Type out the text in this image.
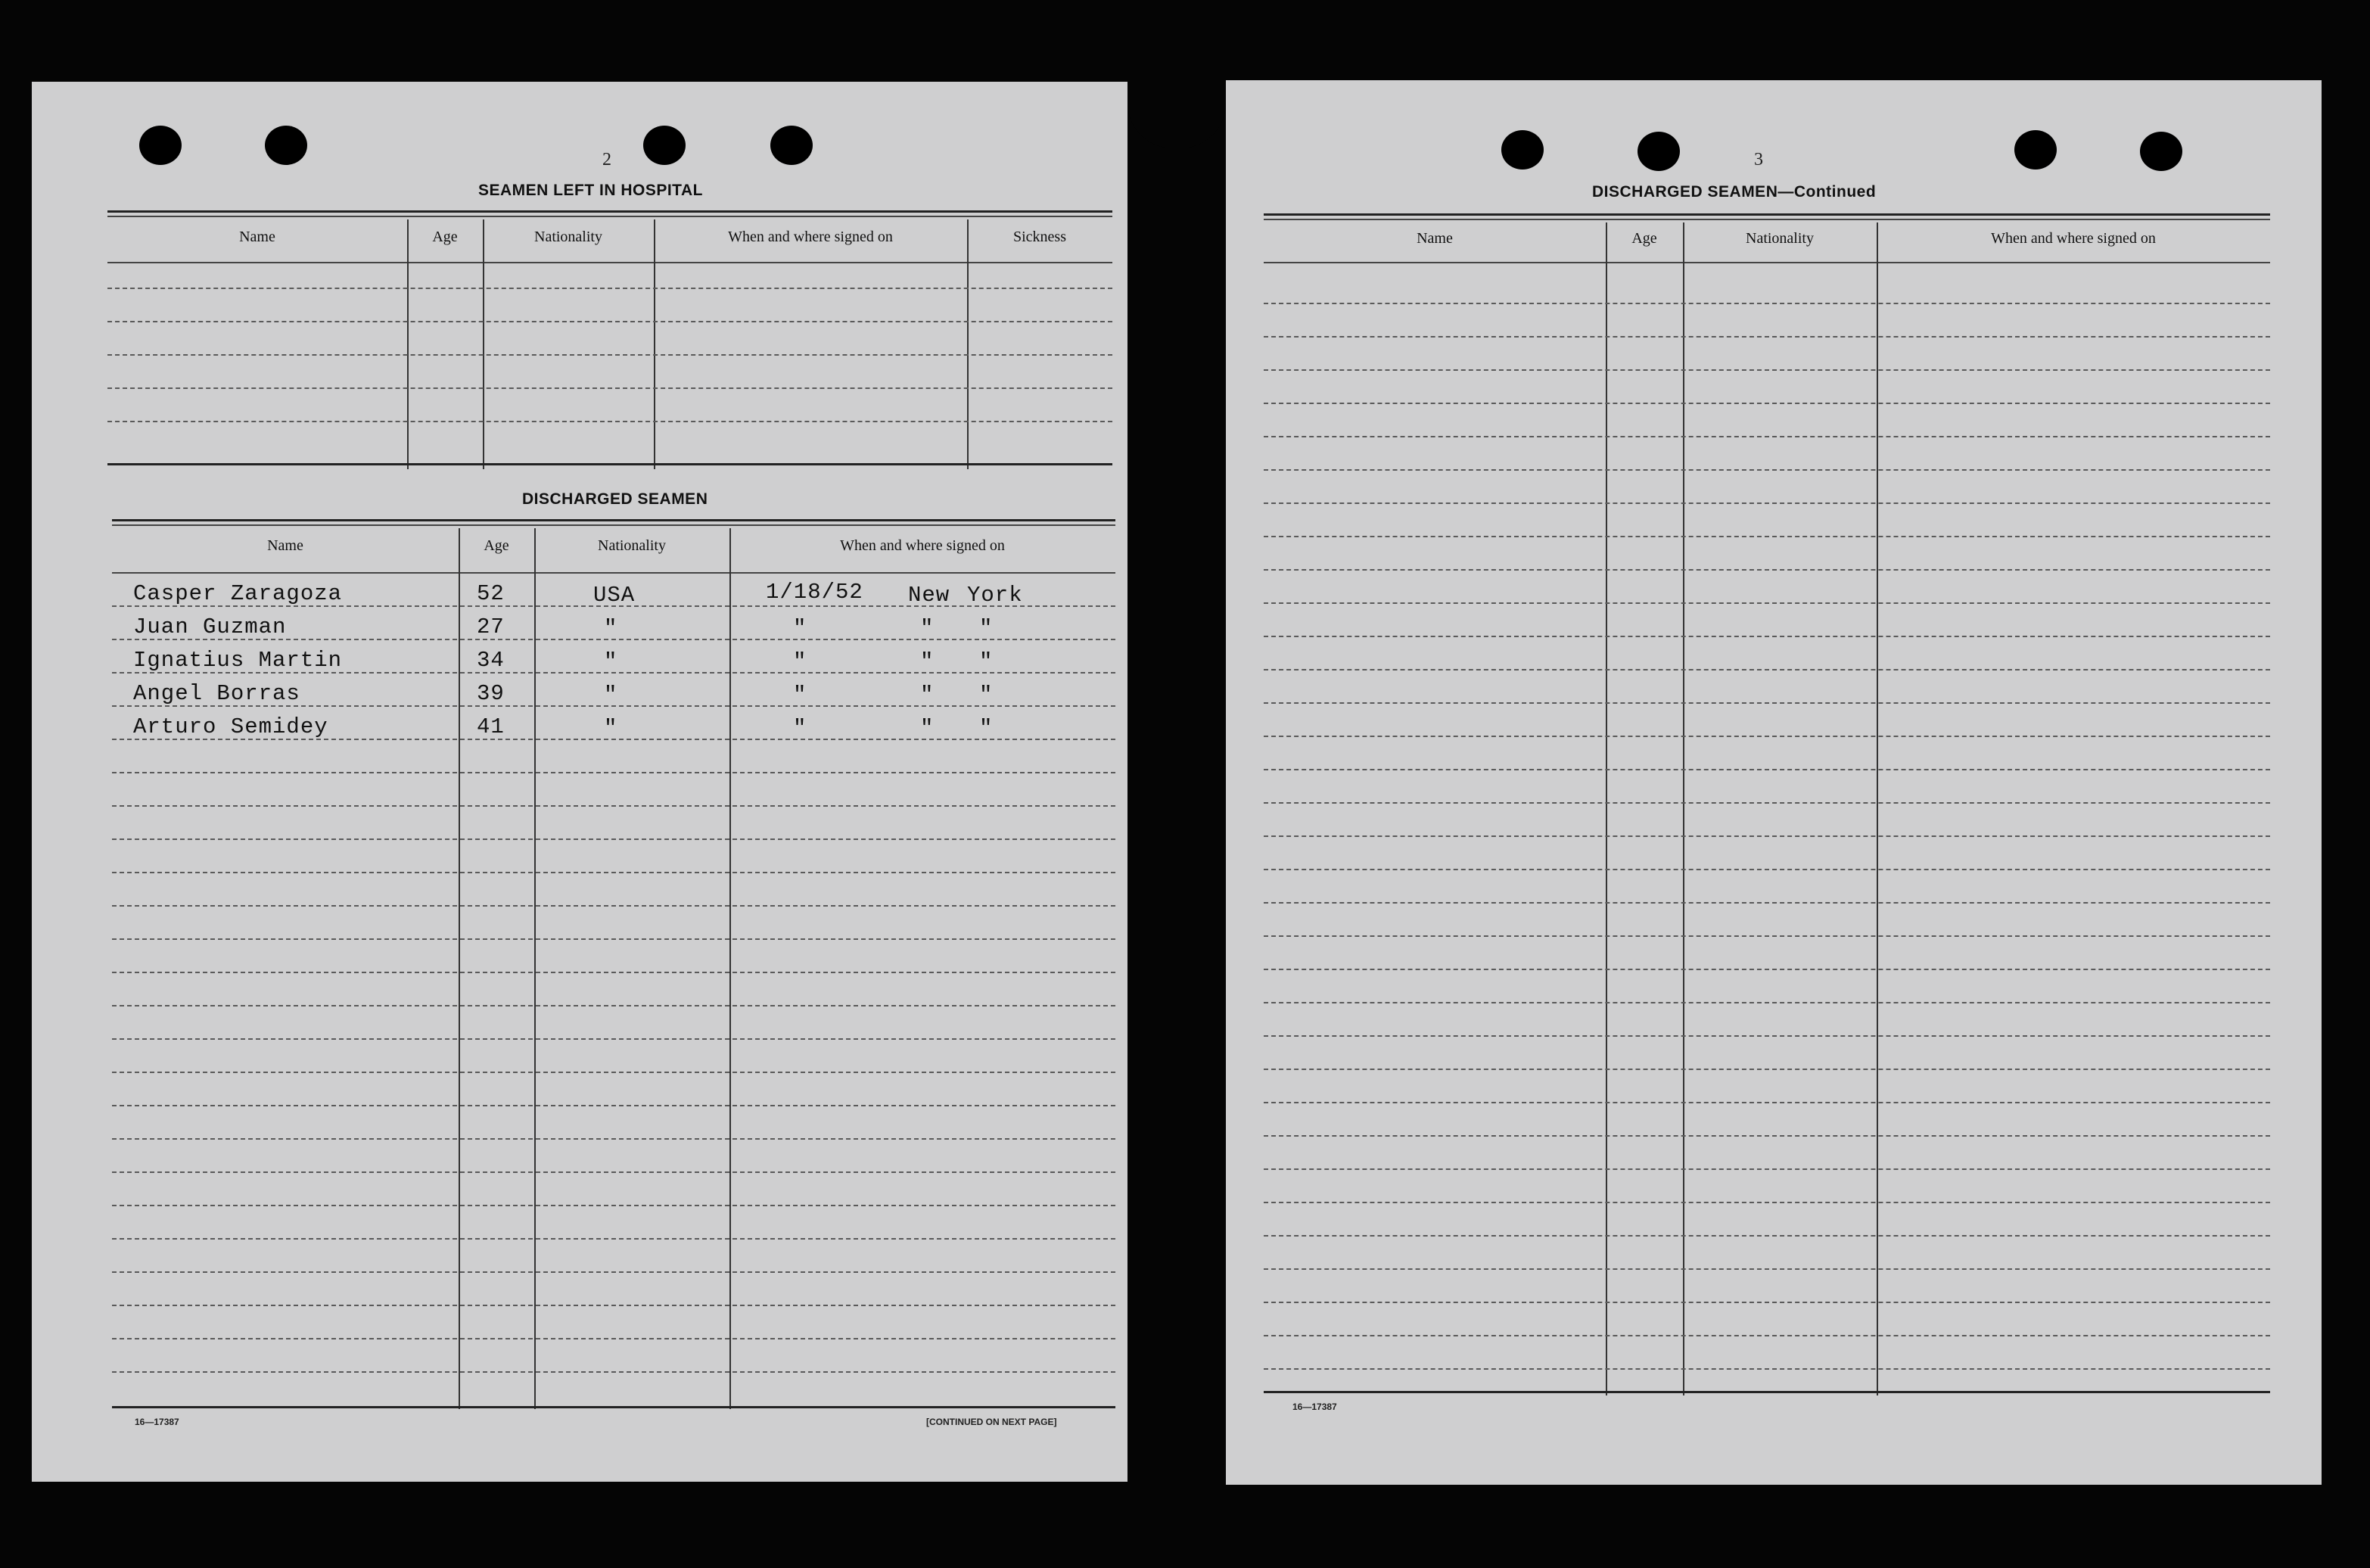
2
SEAMEN LEFT IN HOSPITAL
Name	Age	Nationality	When and where signed on	Sickness
DISCHARGED SEAMEN
Name	Age	Nationality	When and where signed on
Casper Zaragoza	52	USA	1/18/52 New York
Juan Guzman	27	"	"	" "
Ignatius Martin	34	"	"	" "
Angel Borras	39	"	"	" "
Arturo Semidey	41	"	"	" "
16—17387	[CONTINUED ON NEXT PAGE]
3
DISCHARGED SEAMEN—Continued
Name	Age	Nationality	When and where signed on
16—17387
